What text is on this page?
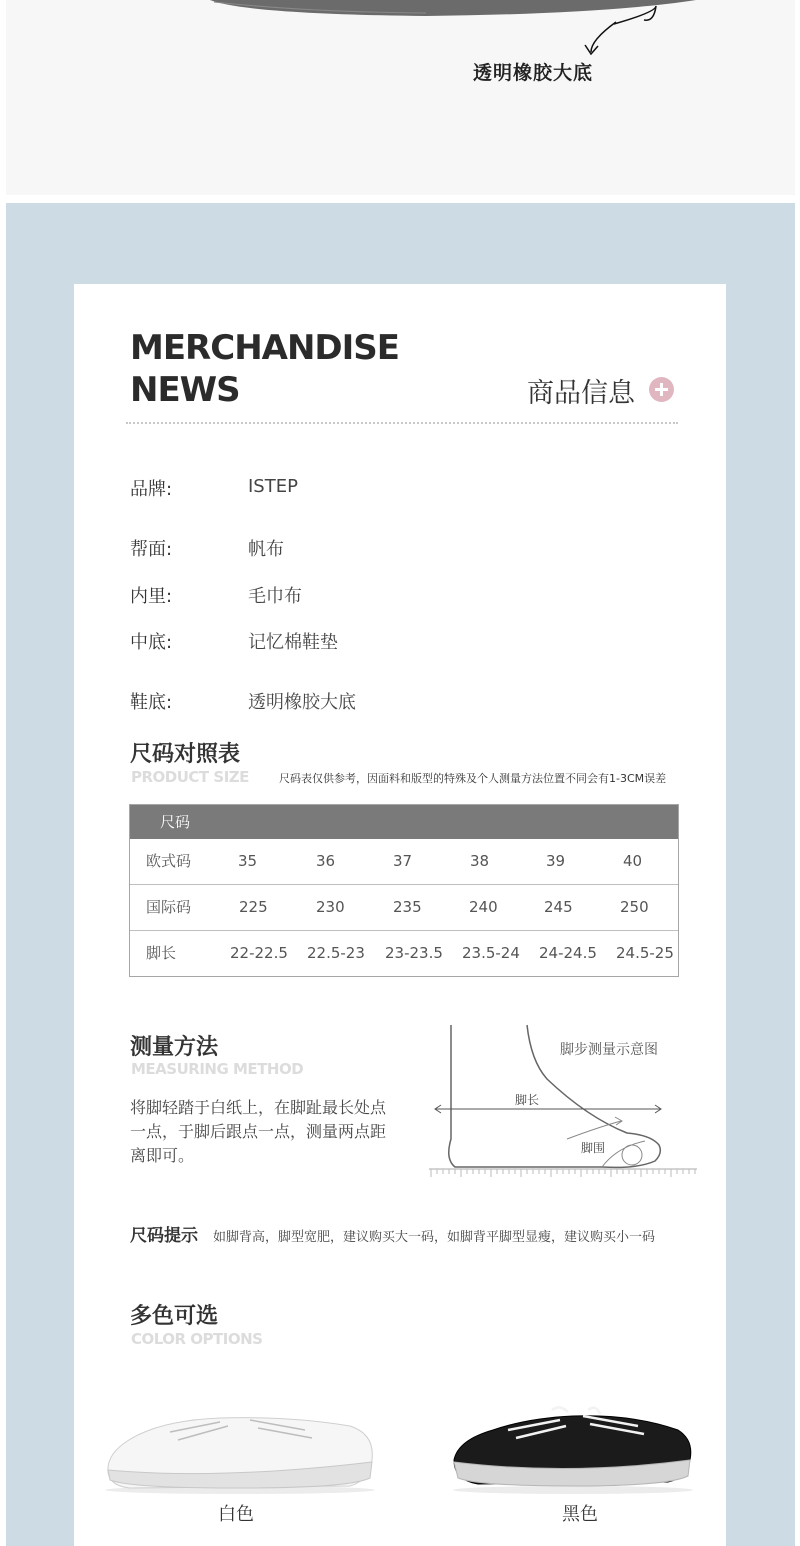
透明橡胶大底
MERCHANDISE
NEWS	商品信息
品牌:	ISTEP
帮面:	帆布
内里:	毛巾布
中底:	记忆棉鞋垫
鞋底:	透明橡胶大底
尺码对照表
PRODUCT SIZE	尺码表仅供参考，因面料和版型的特殊及个人测量方法位置不同会有1-3CM误差
尺码
欧式码	35	36	37	38	39	40
国际码	225	230	235	240	245	250
脚长	22-22.5 22.5-23 23-23.5 23.5-24 24-24.5 24.5-25
测量方法
MEASURING METHOD
将脚轻踏于白纸上，在脚趾最长处点一点，于脚后跟点一点，测量两点距离即可。
脚长
脚围
脚步测量示意图
尺码提示 如脚背高，脚型宽肥，建议购买大一码，如脚背平脚型显瘦，建议购买小一码
多色可选
COLOR OPTIONS
白色	黑色
